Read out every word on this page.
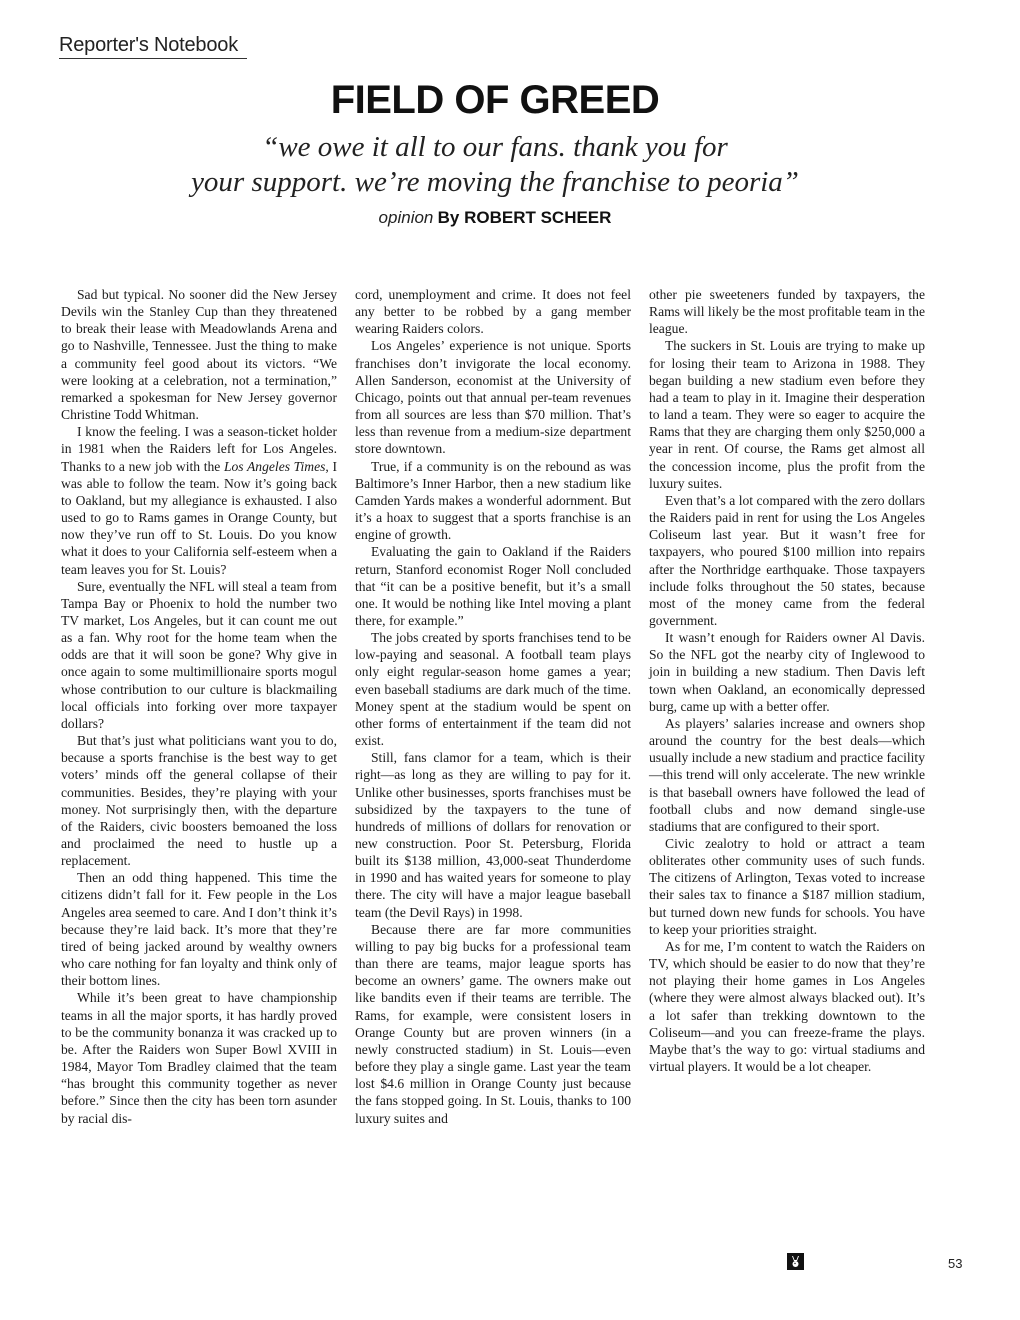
Reporter's Notebook
FIELD OF GREED
“we owe it all to our fans. thank you for
your support. we’re moving the franchise to peoria”
opinion By ROBERT SCHEER

Sad but typical. No sooner did the New Jersey Devils win the Stanley Cup than they threatened to break their lease with Meadowlands Arena and go to Nashville, Tennessee. Just the thing to make a community feel good about its victors. “We were looking at a celebration, not a termination,” remarked a spokesman for New Jersey governor Christine Todd Whitman.

I know the feeling. I was a season-ticket holder in 1981 when the Raiders left for Los Angeles. Thanks to a new job with the Los Angeles Times, I was able to follow the team. Now it’s going back to Oakland, but my allegiance is exhausted. I also used to go to Rams games in Orange County, but now they’ve run off to St. Louis. Do you know what it does to your California self-esteem when a team leaves you for St. Louis?

Sure, eventually the NFL will steal a team from Tampa Bay or Phoenix to hold the number two TV market, Los Angeles, but it can count me out as a fan. Why root for the home team when the odds are that it will soon be gone? Why give in once again to some multimillionaire sports mogul whose contribution to our culture is blackmailing local officials into forking over more taxpayer dollars?

But that’s just what politicians want you to do, because a sports franchise is the best way to get voters’ minds off the general collapse of their communities. Besides, they’re playing with your money. Not surprisingly then, with the departure of the Raiders, civic boosters bemoaned the loss and proclaimed the need to hustle up a replacement.

Then an odd thing happened. This time the citizens didn’t fall for it. Few people in the Los Angeles area seemed to care. And I don’t think it’s because they’re laid back. It’s more that they’re tired of being jacked around by wealthy owners who care nothing for fan loyalty and think only of their bottom lines.

While it’s been great to have championship teams in all the major sports, it has hardly proved to be the community bonanza it was cracked up to be. After the Raiders won Super Bowl XVIII in 1984, Mayor Tom Bradley claimed that the team “has brought this community together as never before.” Since then the city has been torn asunder by racial dis-

cord, unemployment and crime. It does not feel any better to be robbed by a gang member wearing Raiders colors.

Los Angeles’ experience is not unique. Sports franchises don’t invigorate the local economy. Allen Sanderson, economist at the University of Chicago, points out that annual per-team revenues from all sources are less than $70 million. That’s less than revenue from a medium-size department store downtown.

True, if a community is on the rebound as was Baltimore’s Inner Harbor, then a new stadium like Camden Yards makes a wonderful adornment. But it’s a hoax to suggest that a sports franchise is an engine of growth.

Evaluating the gain to Oakland if the Raiders return, Stanford economist Roger Noll concluded that “it can be a positive benefit, but it’s a small one. It would be nothing like Intel moving a plant there, for example.”

The jobs created by sports franchises tend to be low-paying and seasonal. A football team plays only eight regular-season home games a year; even baseball stadiums are dark much of the time. Money spent at the stadium would be spent on other forms of entertainment if the team did not exist.

Still, fans clamor for a team, which is their right—as long as they are willing to pay for it. Unlike other businesses, sports franchises must be subsidized by the taxpayers to the tune of hundreds of millions of dollars for renovation or new construction. Poor St. Petersburg, Florida built its $138 million, 43,000-seat Thunderdome in 1990 and has waited years for someone to play there. The city will have a major league baseball team (the Devil Rays) in 1998.

Because there are far more communities willing to pay big bucks for a professional team than there are teams, major league sports has become an owners’ game. The owners make out like bandits even if their teams are terrible. The Rams, for example, were consistent losers in Orange County but are proven winners (in a newly constructed stadium) in St. Louis—even before they play a single game. Last year the team lost $4.6 million in Orange County just because the fans stopped going. In St. Louis, thanks to 100 luxury suites and

other pie sweeteners funded by taxpayers, the Rams will likely be the most profitable team in the league.

The suckers in St. Louis are trying to make up for losing their team to Arizona in 1988. They began building a new stadium even before they had a team to play in it. Imagine their desperation to land a team. They were so eager to acquire the Rams that they are charging them only $250,000 a year in rent. Of course, the Rams get almost all the concession income, plus the profit from the luxury suites.

Even that’s a lot compared with the zero dollars the Raiders paid in rent for using the Los Angeles Coliseum last year. But it wasn’t free for taxpayers, who poured $100 million into repairs after the Northridge earthquake. Those taxpayers include folks throughout the 50 states, because most of the money came from the federal government.

It wasn’t enough for Raiders owner Al Davis. So the NFL got the nearby city of Inglewood to join in building a new stadium. Then Davis left town when Oakland, an economically depressed burg, came up with a better offer.

As players’ salaries increase and owners shop around the country for the best deals—which usually include a new stadium and practice facility—this trend will only accelerate. The new wrinkle is that baseball owners have followed the lead of football clubs and now demand single-use stadiums that are configured to their sport.

Civic zealotry to hold or attract a team obliterates other community uses of such funds. The citizens of Arlington, Texas voted to increase their sales tax to finance a $187 million stadium, but turned down new funds for schools. You have to keep your priorities straight.

As for me, I’m content to watch the Raiders on TV, which should be easier to do now that they’re not playing their home games in Los Angeles (where they were almost always blacked out). It’s a lot safer than trekking downtown to the Coliseum—and you can freeze-frame the plays. Maybe that’s the way to go: virtual stadiums and virtual players. It would be a lot cheaper.

53
